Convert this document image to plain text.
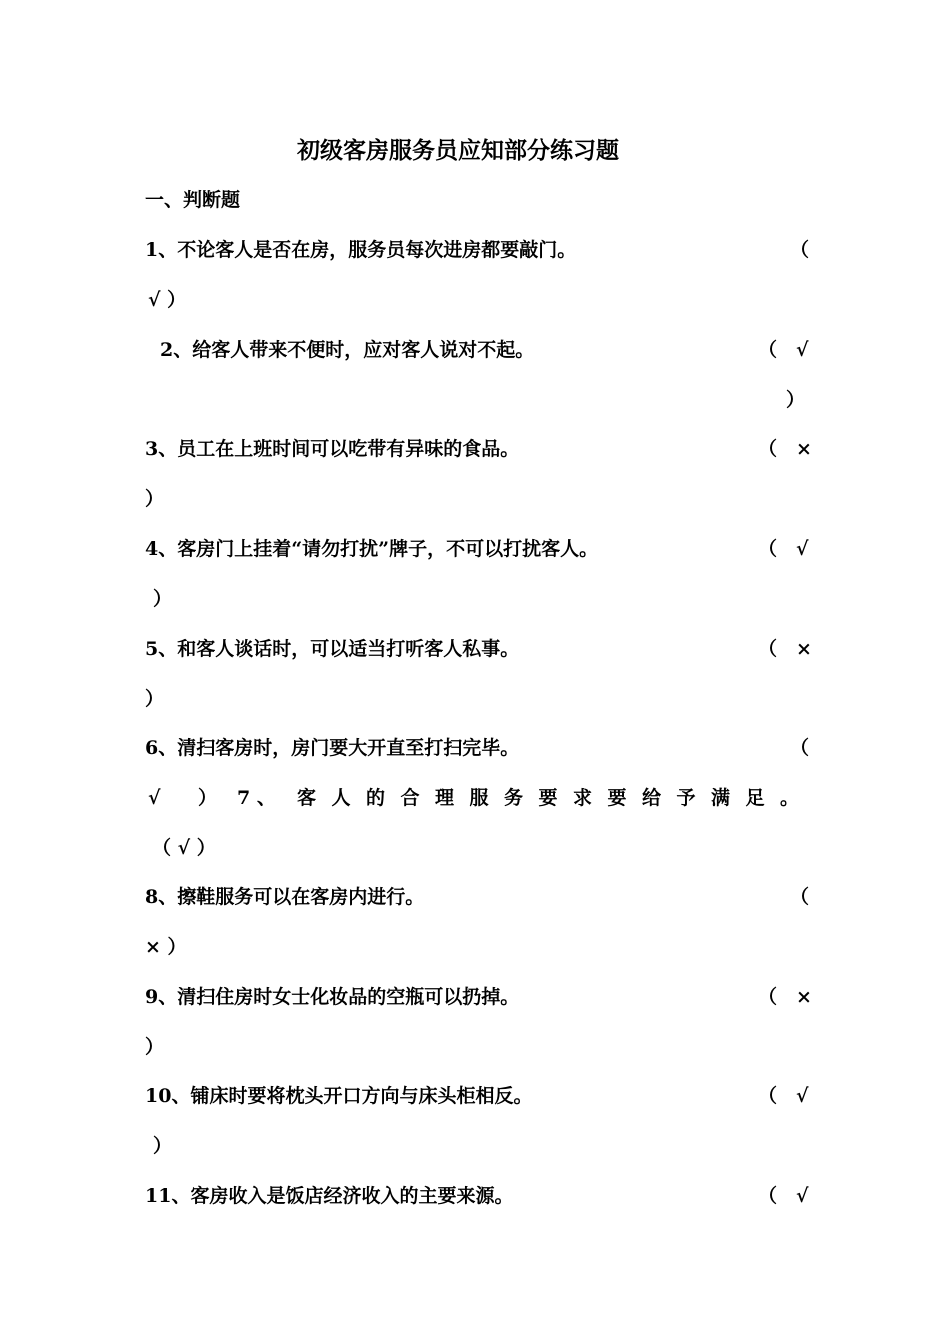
初级客房服务员应知部分练习题
一、判断题
1、不论客人是否在房，服务员每次进房都要敲门。	（
√ ）
2、给客人带来不便时，应对客人说对不起。	（　√
）
3、员工在上班时间可以吃带有异味的食品。	（　×
）
4、客房门上挂着“请勿打扰”牌子，不可以打扰客人。	（　√
）
5、和客人谈话时，可以适当打听客人私事。	（　×
）
6、清扫客房时，房门要大开直至打扫完毕。	（
√ ） 7 、 客人的合理服务要求要给予满足。
（ √ ）
8、擦鞋服务可以在客房内进行。	（
× ）
9、清扫住房时女士化妆品的空瓶可以扔掉。	（　×
）
10、铺床时要将枕头开口方向与床头柜相反。	（　√
）
11、客房收入是饭店经济收入的主要来源。	（　√
